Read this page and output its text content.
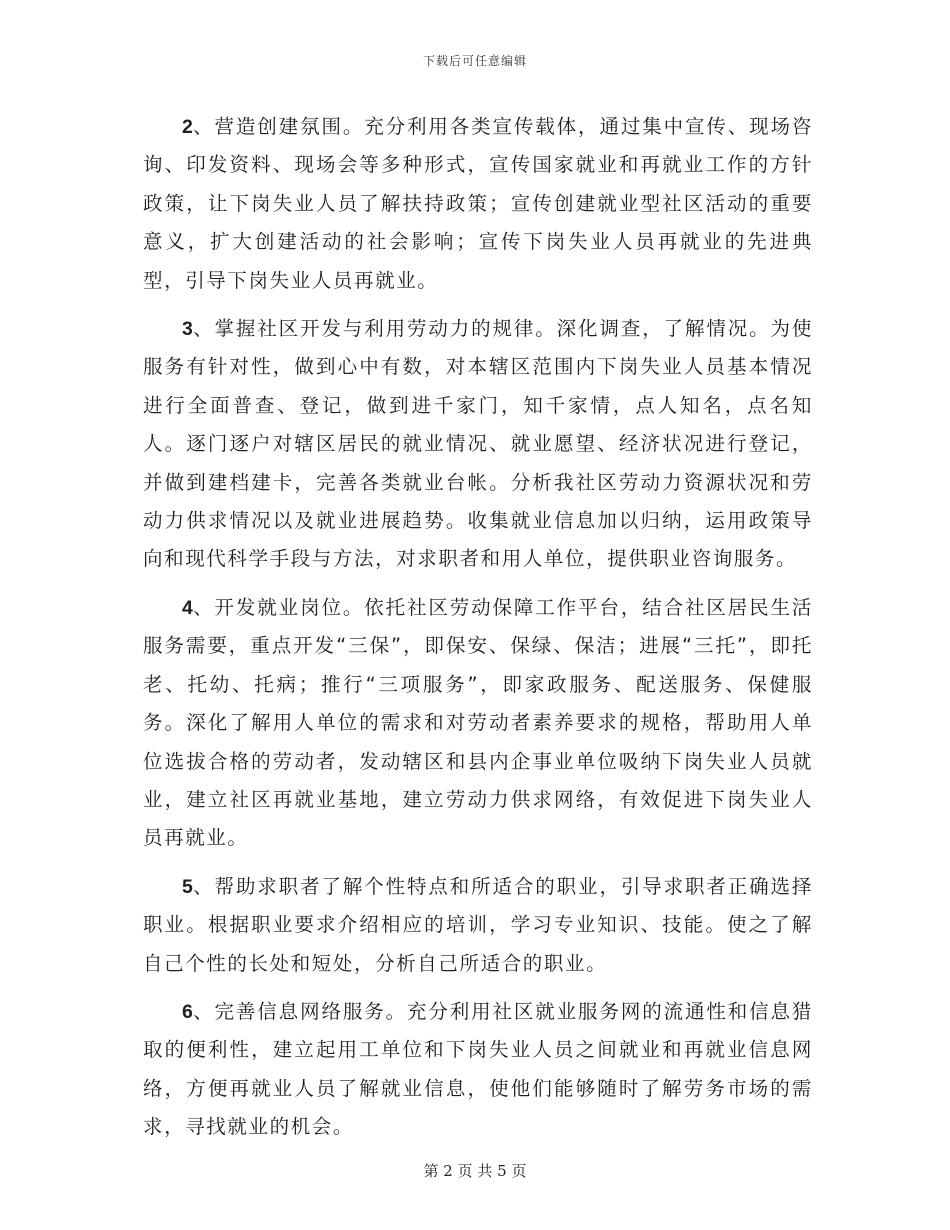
下载后可任意编辑

2、营造创建氛围。充分利用各类宣传载体，通过集中宣传、现场咨询、印发资料、现场会等多种形式，宣传国家就业和再就业工作的方针政策，让下岗失业人员了解扶持政策；宣传创建就业型社区活动的重要意义，扩大创建活动的社会影响；宣传下岗失业人员再就业的先进典型，引导下岗失业人员再就业。

3、掌握社区开发与利用劳动力的规律。深化调查，了解情况。为使服务有针对性，做到心中有数，对本辖区范围内下岗失业人员基本情况进行全面普查、登记，做到进千家门，知千家情，点人知名，点名知人。逐门逐户对辖区居民的就业情况、就业愿望、经济状况进行登记，并做到建档建卡，完善各类就业台帐。分析我社区劳动力资源状况和劳动力供求情况以及就业进展趋势。收集就业信息加以归纳，运用政策导向和现代科学手段与方法，对求职者和用人单位，提供职业咨询服务。

4、开发就业岗位。依托社区劳动保障工作平台，结合社区居民生活服务需要，重点开发“三保”，即保安、保绿、保洁；进展“三托”，即托老、托幼、托病；推行“三项服务”，即家政服务、配送服务、保健服务。深化了解用人单位的需求和对劳动者素养要求的规格，帮助用人单位选拔合格的劳动者，发动辖区和县内企事业单位吸纳下岗失业人员就业，建立社区再就业基地，建立劳动力供求网络，有效促进下岗失业人员再就业。

5、帮助求职者了解个性特点和所适合的职业，引导求职者正确选择职业。根据职业要求介绍相应的培训，学习专业知识、技能。使之了解自己个性的长处和短处，分析自己所适合的职业。

6、完善信息网络服务。充分利用社区就业服务网的流通性和信息猎取的便利性，建立起用工单位和下岗失业人员之间就业和再就业信息网络，方便再就业人员了解就业信息，使他们能够随时了解劳务市场的需求，寻找就业的机会。

第 2 页 共 5 页
